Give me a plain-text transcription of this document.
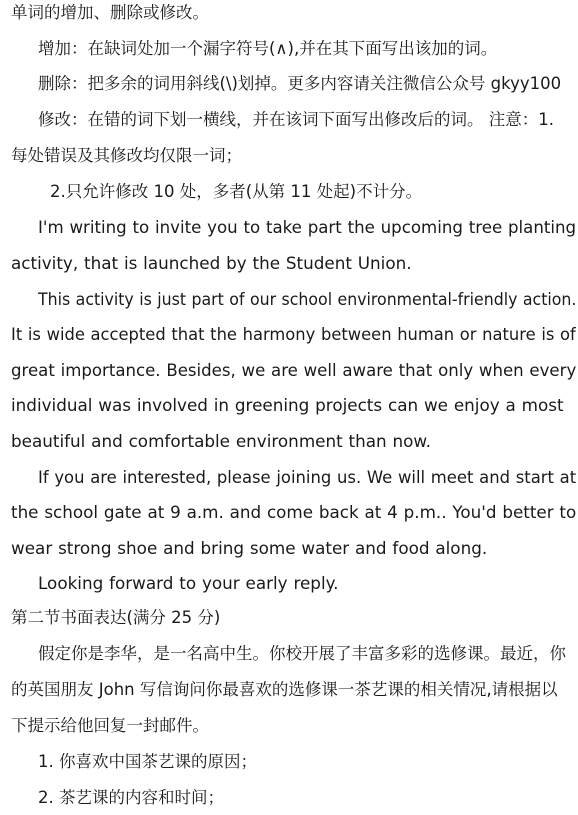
单词的增加、删除或修改。
增加：在缺词处加一个漏字符号(∧),并在其下面写出该加的词。
删除：把多余的词用斜线(\)划掉。更多内容请关注微信公众号 gkyy100
修改：在错的词下划一横线，并在该词下面写出修改后的词。 注意：1.
每处错误及其修改均仅限一词；
2.只允许修改 10 处，多者(从第 11 处起)不计分。
I'm writing to invite you to take part the upcoming tree planting
activity, that is launched by the Student Union.
This activity is just part of our school environmental-friendly action.
It is wide accepted that the harmony between human or nature is of
great importance. Besides, we are well aware that only when every
individual was involved in greening projects can we enjoy a most
beautiful and comfortable environment than now.
If you are interested, please joining us. We will meet and start at
the school gate at 9 a.m. and come back at 4 p.m.. You'd better to
wear strong shoe and bring some water and food along.
Looking forward to your early reply.
第二节书面表达(满分 25 分)
假定你是李华，是一名高中生。你校开展了丰富多彩的选修课。最近，你
的英国朋友 John 写信询问你最喜欢的选修课一茶艺课的相关情况,请根据以
下提示给他回复一封邮件。
1. 你喜欢中国茶艺课的原因；
2. 茶艺课的内容和时间；
